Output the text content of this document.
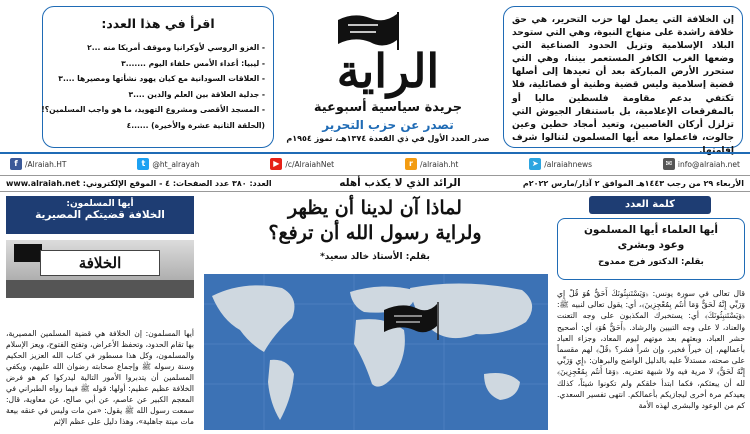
إن الخلافة التي يعمل لها حزب التحرير، هي حق خلافة راشدة على منهاج النبوة، وهي التي ستوحد البلاد الإسلامية وتزيل الحدود الصناعية التي وضعها الغرب الكافر المستعمر بيننا، وهي التي ستحرر الأرض المباركة بعد أن تعيدها إلى أصلها قضية إسلامية وليس قضية وطنية أو فصائلية، فلا تكتفي بدعم مقاومة فلسطين ماليا أو بالمفرقعات الإعلامية، بل باستنفار الجيوش التي تزلزل أركان الغاصبين، وتعيد أمجاد حطين وعين جالوت، فاعملوا معه أيها المسلمون لتنالوا شرف إقامتها.

الراية
جريدة سياسية أسبوعية
تصدر عن حزب التحرير
صدر العدد الأول في ذي القعدة ١٣٧٤هـ، تموز ١٩٥٤م
اقرأ في هذا العدد:
- الغزو الروسي لأوكرانيا وموقف أمريكا منه ...٢
- ليبيا: أعداء الأمس حلفاء اليوم .......٣
- العلاقات السودانية مع كيان يهود نشأتها ومصيرها ....٣
- جدلية العلاقة بين العلم والدين ....٣
- المسجد الأقصى ومشروع التهويد، ما هو واجب المسلمين؟!
(الحلقة الثانية عشرة والأخيرة) ......٤
f /Alraiah.HT	t @ht_alrayah	▶ /c/AlraiahNet	r /alraiah.ht	➤ /alraiahnews	✉ info@alraiah.net
الأربعاء ٢٩ من رجب ١٤٤٣هـ الموافق ٢ آذار/مارس ٢٠٢٢م
الرائد الذي لا يكذب أهله
العدد: ٣٨٠ عدد الصفحات: ٤ - الموقع الإلكتروني: www.alraiah.net
أيها المسلمون:
الخلافة قضيتكم المصيرية
الخلافة
أيها المسلمون: إن الخلافة هي قضية المسلمين المصيرية، بها تقام الحدود، وتحفظ الأعراض، وتفتح الفتوح، ويعز الإسلام والمسلمون، وكل هذا مسطور في كتاب الله العزيز الحكيم وسنة رسوله ﷺ وإجماع صحابته رضوان الله عليهم، ويكفي المسلمين أن يتدبروا الأمور التالية ليدركوا كم هو فرض الخلافة عظيم عظيم: أولها: قوله ﷺ فيما رواه الطبراني في المعجم الكبير عن عاصم، عن أبي صالح، عن معاوية، قال: سمعت رسول الله ﷺ يقول: «من مات وليس في عنقه بيعة مات ميتة جاهلية»، وهذا دليل على عظم الإثم
لماذا آن لدينا أن يظهر
ولراية رسول الله أن ترفع؟
بقلم: الأستاذ خالد سعيد*
كلمة العدد
أيها العلماء أيها المسلمون
وعود وبشرى
بقلم: الدكتور فرج ممدوح
قال تعالى في سورة يونس: ﴿وَيَسْتَنبِئُونَكَ أَحَقٌّ هُوَ قُلْ إِي وَرَبِّي إِنَّهُ لَحَقٌّ وَمَا أَنتُم بِمُعْجِزِينَ﴾، أي: يقول تعالى لنبيه ﷺ: ﴿وَيَسْتَنبِئُونَكَ﴾ أي: يستخبرك المكذبون على وجه التعنت والعناد، لا على وجه التبيين والرشاد. ﴿أَحَقٌّ هُوَ﴾ أي: أصحيح حشر العباد، وبعثهم بعد موتهم ليوم المعاد، وجزاء العباد بأعمالهم، إن خيراً فخير، وإن شراً فشر؟ ﴿قُلْ﴾ لهم مقسماً على صحته، مستدلاً عليه بالدليل الواضح والبرهان: ﴿إِي وَرَبِّي إِنَّهُ لَحَقٌّ﴾ لا مرية فيه ولا شبهة تعتريه. ﴿وَمَا أَنتُم بِمُعْجِزِينَ﴾ لله أن يبعثكم، فكما ابتدأ خلقكم ولم تكونوا شيئاً، كذلك يعيدكم مرة أخرى ليجازيكم بأعمالكم. انتهى تفسير السعدي. كم من الوعود والبشرى لهذه الأمة
